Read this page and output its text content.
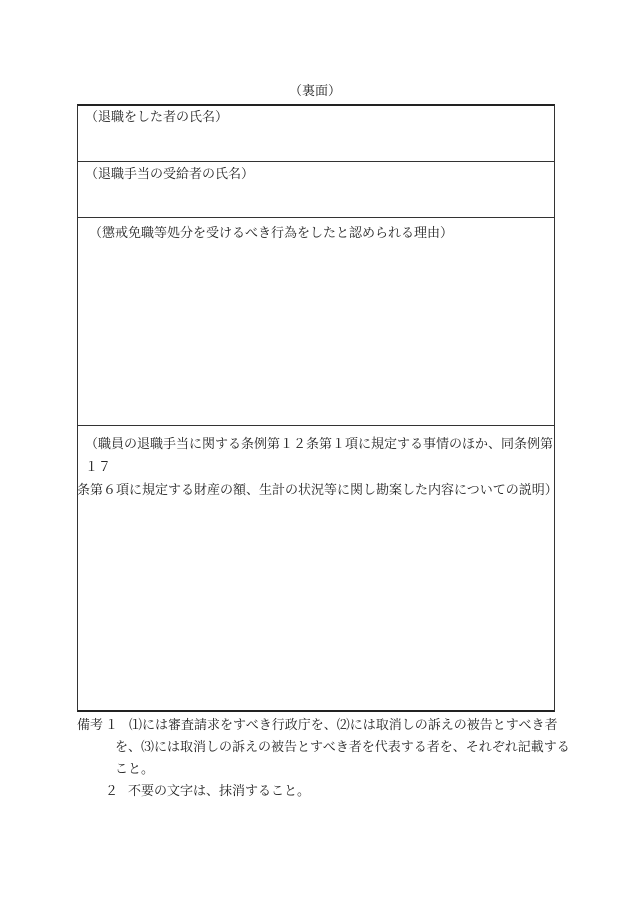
（裏面）
（退職をした者の氏名）
（退職手当の受給者の氏名）
（懲戒免職等処分を受けるべき行為をしたと認められる理由）
（職員の退職手当に関する条例第１２条第１項に規定する事情のほか、同条例第１７
条第６項に規定する財産の額、生計の状況等に関し勘案した内容についての説明）
備考 １ ⑴には審査請求をすべき行政庁を、⑵には取消しの訴えの被告とすべき者
を、⑶には取消しの訴えの被告とすべき者を代表する者を、それぞれ記載する
こと。
２ 不要の文字は、抹消すること。
